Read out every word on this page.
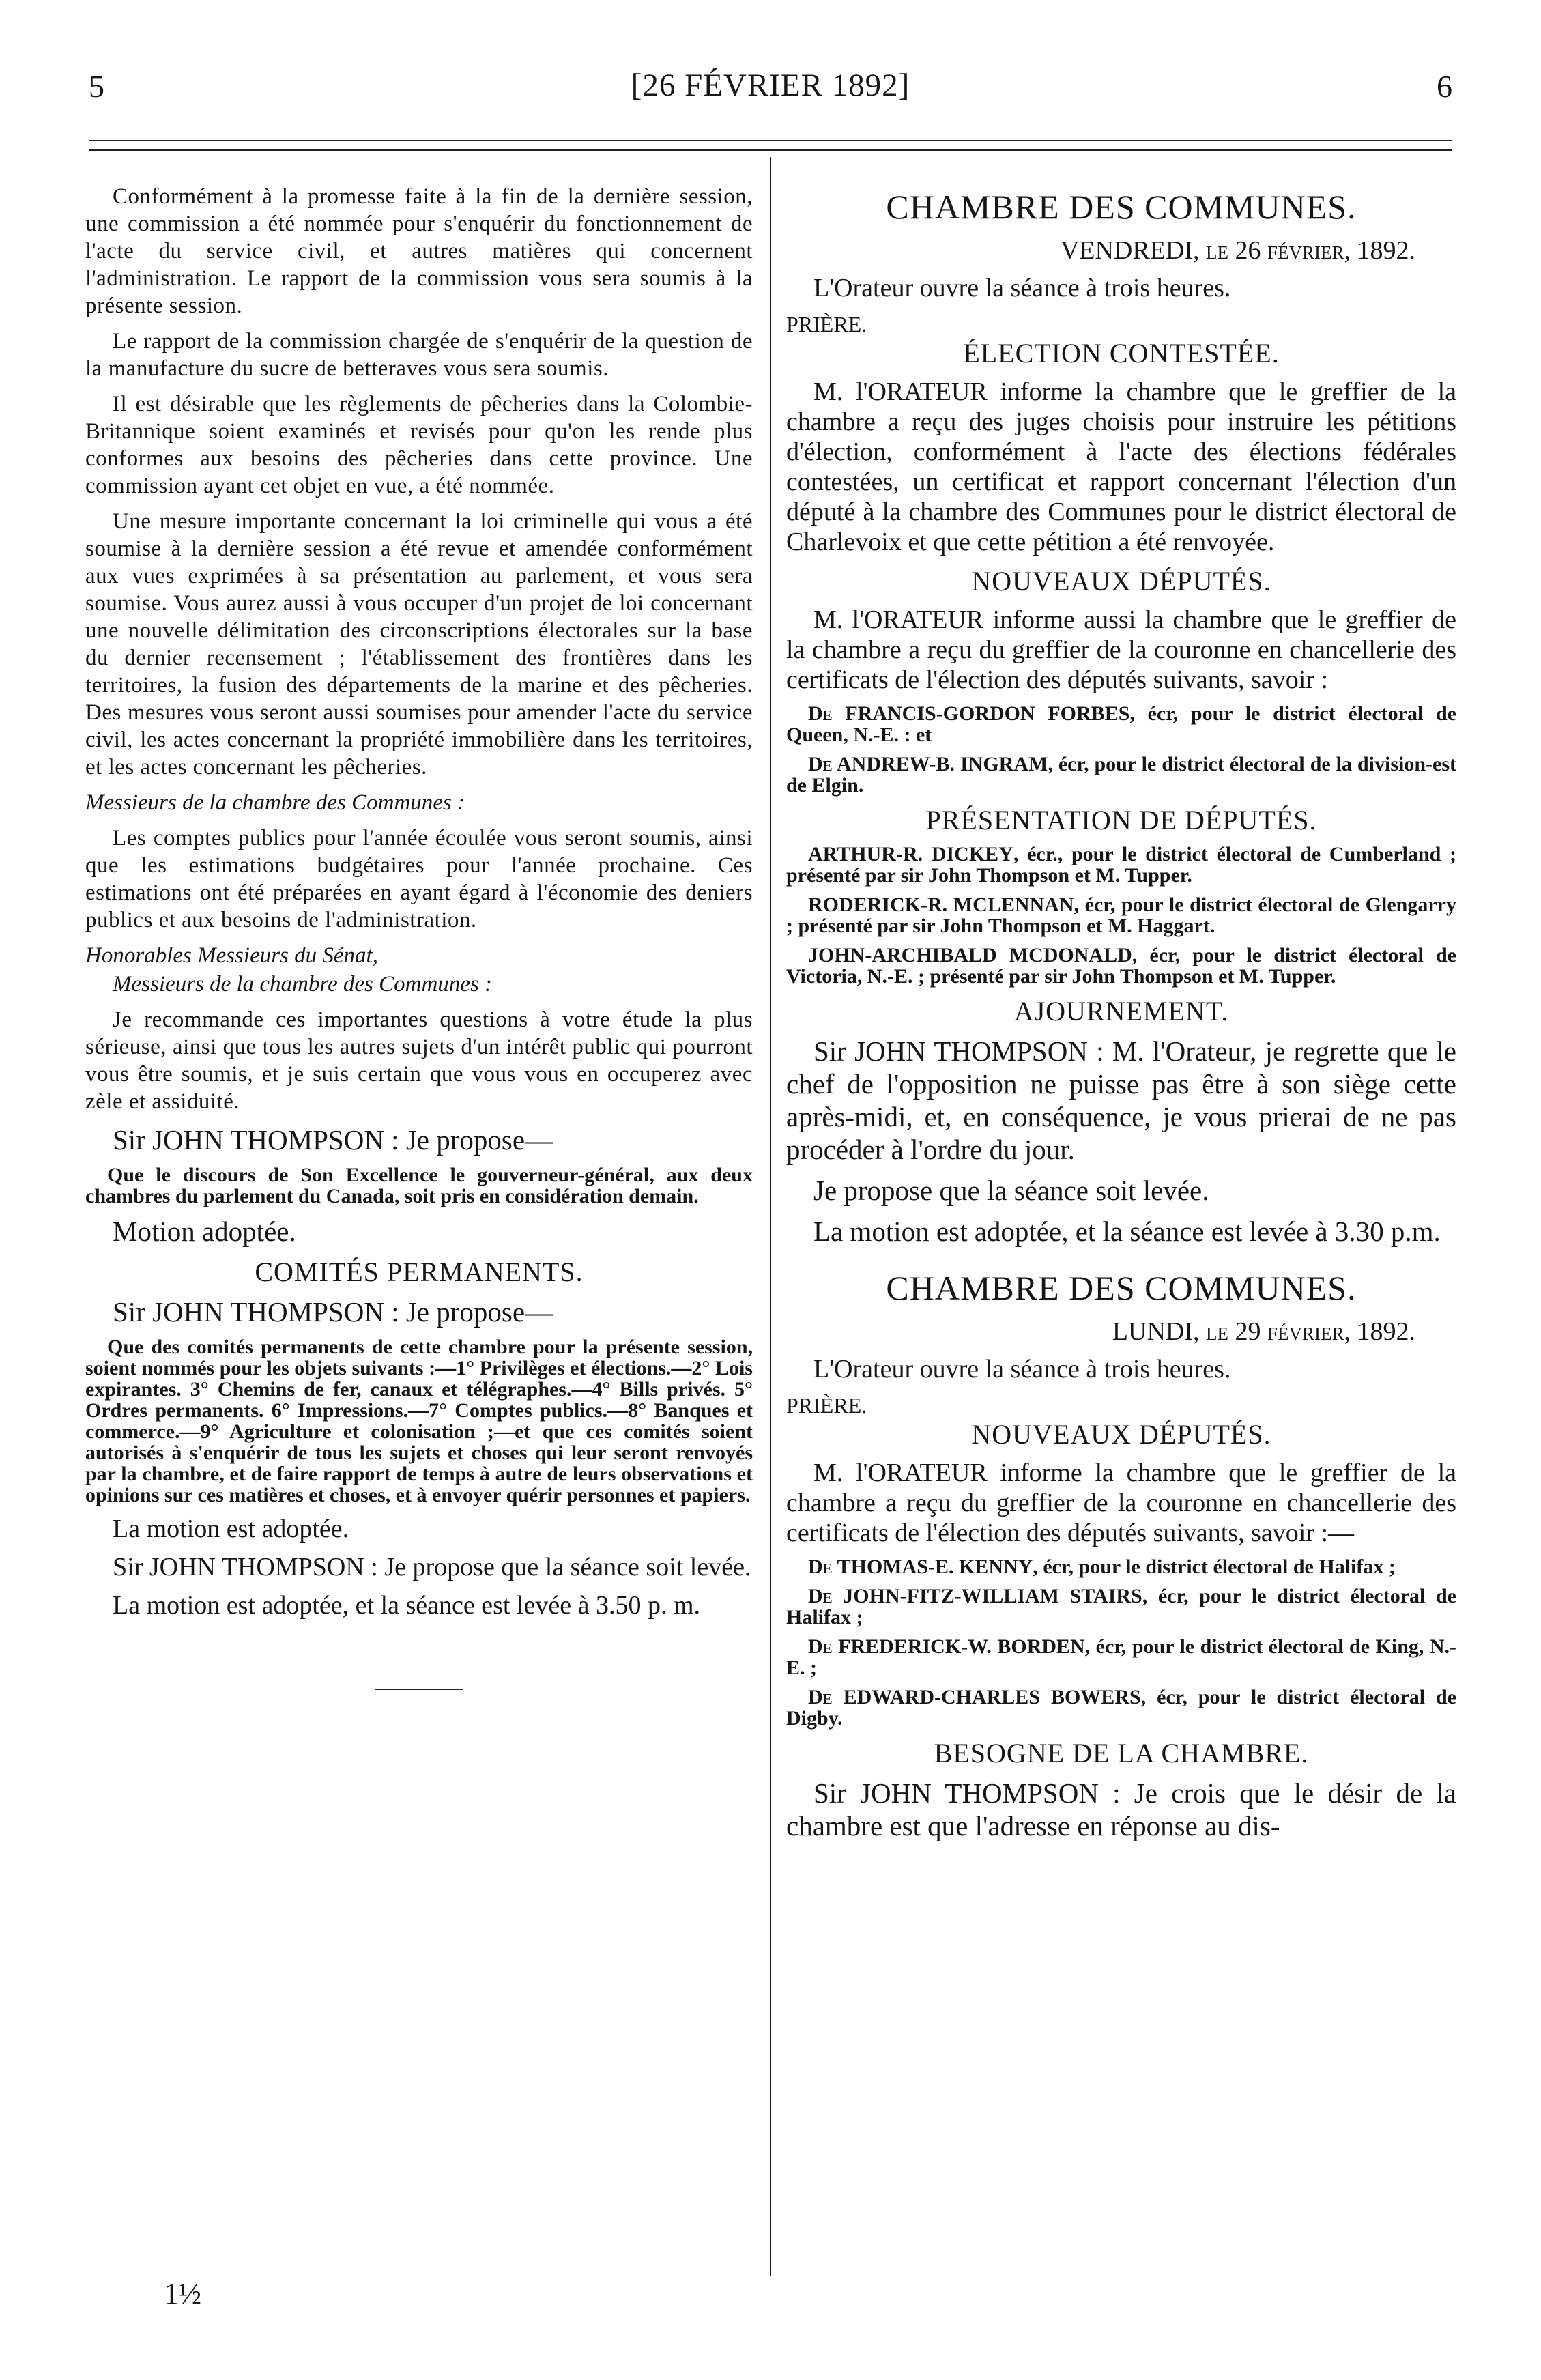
5	[26 FÉVRIER 1892]	6

Conformément à la promesse faite à la fin de la dernière session, une commission a été nommée pour s'enquérir du fonctionnement de l'acte du service civil, et autres matières qui concernent l'administration. Le rapport de la commission vous sera soumis à la présente session.

Le rapport de la commission chargée de s'enquérir de la question de la manufacture du sucre de betteraves vous sera soumis.

Il est désirable que les règlements de pêcheries dans la Colombie-Britannique soient examinés et revisés pour qu'on les rende plus conformes aux besoins des pêcheries dans cette province. Une commission ayant cet objet en vue, a été nommée.

Une mesure importante concernant la loi criminelle qui vous a été soumise à la dernière session a été revue et amendée conformément aux vues exprimées à sa présentation au parlement, et vous sera soumise. Vous aurez aussi à vous occuper d'un projet de loi concernant une nouvelle délimitation des circonscriptions électorales sur la base du dernier recensement ; l'établissement des frontières dans les territoires, la fusion des départements de la marine et des pêcheries. Des mesures vous seront aussi soumises pour amender l'acte du service civil, les actes concernant la propriété immobilière dans les territoires, et les actes concernant les pêcheries.

Messieurs de la chambre des Communes :

Les comptes publics pour l'année écoulée vous seront soumis, ainsi que les estimations budgétaires pour l'année prochaine. Ces estimations ont été préparées en ayant égard à l'économie des deniers publics et aux besoins de l'administration.

Honorables Messieurs du Sénat,

Messieurs de la chambre des Communes :

Je recommande ces importantes questions à votre étude la plus sérieuse, ainsi que tous les autres sujets d'un intérêt public qui pourront vous être soumis, et je suis certain que vous vous en occuperez avec zèle et assiduité.

Sir JOHN THOMPSON : Je propose—

Que le discours de Son Excellence le gouverneur-général, aux deux chambres du parlement du Canada, soit pris en considération demain.

Motion adoptée.

COMITÉS PERMANENTS.

Sir JOHN THOMPSON : Je propose—

Que des comités permanents de cette chambre pour la présente session, soient nommés pour les objets suivants :—1° Privilèges et élections.—2° Lois expirantes. 3° Chemins de fer, canaux et télégraphes.—4° Bills privés. 5° Ordres permanents. 6° Impressions.—7° Comptes publics.—8° Banques et commerce.—9° Agriculture et colonisation ;—et que ces comités soient autorisés à s'enquérir de tous les sujets et choses qui leur seront renvoyés par la chambre, et de faire rapport de temps à autre de leurs observations et opinions sur ces matières et choses, et à envoyer quérir personnes et papiers.

La motion est adoptée.

Sir JOHN THOMPSON : Je propose que la séance soit levée.

La motion est adoptée, et la séance est levée à 3.50 p. m.

CHAMBRE DES COMMUNES.
VENDREDI, le 26 février, 1892.

L'Orateur ouvre la séance à trois heures.

PRIÈRE.

ÉLECTION CONTESTÉE.

M. l'ORATEUR informe la chambre que le greffier de la chambre a reçu des juges choisis pour instruire les pétitions d'élection, conformément à l'acte des élections fédérales contestées, un certificat et rapport concernant l'élection d'un député à la chambre des Communes pour le district électoral de Charlevoix et que cette pétition a été renvoyée.

NOUVEAUX DÉPUTÉS.

M. l'ORATEUR informe aussi la chambre que le greffier de la chambre a reçu du greffier de la couronne en chancellerie des certificats de l'élection des députés suivants, savoir :

De FRANCIS-GORDON FORBES, écr, pour le district électoral de Queen, N.-E. : et

De ANDREW-B. INGRAM, écr, pour le district électoral de la division-est de Elgin.

PRÉSENTATION DE DÉPUTÉS.

ARTHUR-R. DICKEY, écr., pour le district électoral de Cumberland ; présenté par sir John Thompson et M. Tupper.

RODERICK-R. MCLENNAN, écr, pour le district électoral de Glengarry ; présenté par sir John Thompson et M. Haggart.

JOHN-ARCHIBALD MCDONALD, écr, pour le district électoral de Victoria, N.-E. ; présenté par sir John Thompson et M. Tupper.

AJOURNEMENT.

Sir JOHN THOMPSON : M. l'Orateur, je regrette que le chef de l'opposition ne puisse pas être à son siège cette après-midi, et, en conséquence, je vous prierai de ne pas procéder à l'ordre du jour.

Je propose que la séance soit levée.

La motion est adoptée, et la séance est levée à 3.30 p.m.

CHAMBRE DES COMMUNES.
LUNDI, le 29 février, 1892.

L'Orateur ouvre la séance à trois heures.

PRIÈRE.

NOUVEAUX DÉPUTÉS.

M. l'ORATEUR informe la chambre que le greffier de la chambre a reçu du greffier de la couronne en chancellerie des certificats de l'élection des députés suivants, savoir :—

De THOMAS-E. KENNY, écr, pour le district électoral de Halifax ;

De JOHN-FITZ-WILLIAM STAIRS, écr, pour le district électoral de Halifax ;

De FREDERICK-W. BORDEN, écr, pour le district électoral de King, N.-E. ;

De EDWARD-CHARLES BOWERS, écr, pour le district électoral de Digby.

BESOGNE DE LA CHAMBRE.

Sir JOHN THOMPSON : Je crois que le désir de la chambre est que l'adresse en réponse au dis-

1½
